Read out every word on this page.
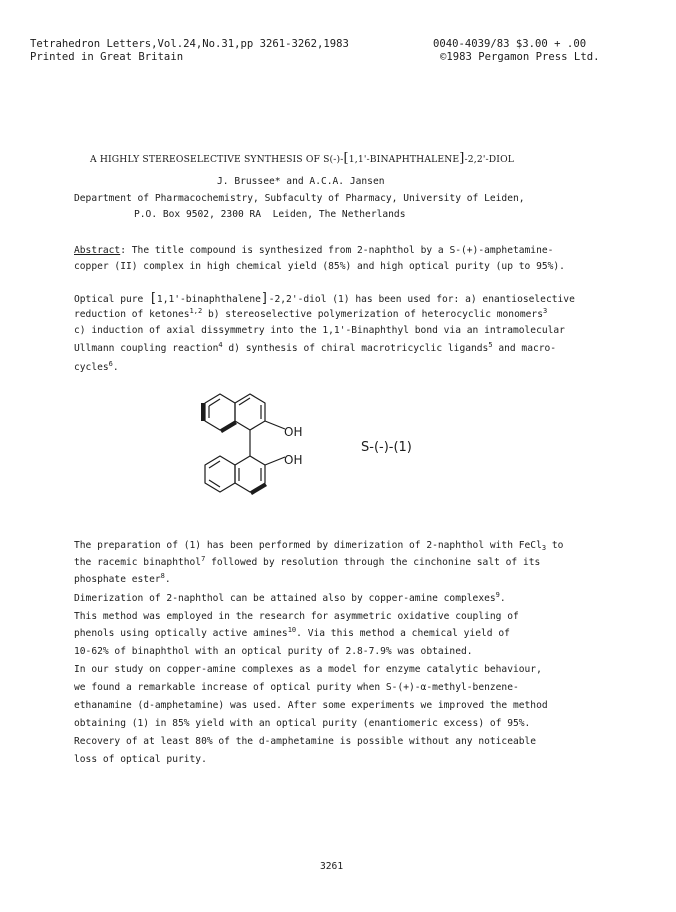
Tetrahedron Letters,Vol.24,No.31,pp 3261-3262,1983	0040-4039/83 $3.00 + .00
Printed in Great Britain	©1983 Pergamon Press Ltd.
A HIGHLY STEREOSELECTIVE SYNTHESIS OF S(-)-[1,1'-BINAPHTHALENE]-2,2'-DIOL
J. Brussee* and A.C.A. Jansen
Department of Pharmacochemistry, Subfaculty of Pharmacy, University of Leiden,
P.O. Box 9502, 2300 RA  Leiden, The Netherlands
Abstract: The title compound is synthesized from 2-naphthol by a S-(+)-amphetamine-
copper (II) complex in high chemical yield (85%) and high optical purity (up to 95%).
Optical pure [1,1'-binaphthalene]-2,2'-diol (1) has been used for: a) enantioselective
reduction of ketones$^{1,2}$ b) stereoselective polymerization of heterocyclic monomers$^3$
c) induction of axial dissymmetry into the 1,1'-Binaphthyl bond via an intramolecular
Ullmann coupling reaction$^4$ d) synthesis of chiral macrotricyclic ligands$^5$ and macro-
cycles$^6$.
OH
OH
S-(-)-(1)
The preparation of (1) has been performed by dimerization of 2-naphthol with FeCl$_3$ to
the racemic binaphthol$^7$ followed by resolution through the cinchonine salt of its
phosphate ester$^8$.
Dimerization of 2-naphthol can be attained also by copper-amine complexes$^9$.
This method was employed in the research for asymmetric oxidative coupling of
phenols using optically active amines$^{10}$. Via this method a chemical yield of
10-62% of binaphthol with an optical purity of 2.8-7.9% was obtained.
In our study on copper-amine complexes as a model for enzyme catalytic behaviour,
we found a remarkable increase of optical purity when S-(+)-α-methyl-benzene-
ethanamine (d-amphetamine) was used. After some experiments we improved the method
obtaining (1) in 85% yield with an optical purity (enantiomeric excess) of 95%.
Recovery of at least 80% of the d-amphetamine is possible without any noticeable
loss of optical purity.
3261
